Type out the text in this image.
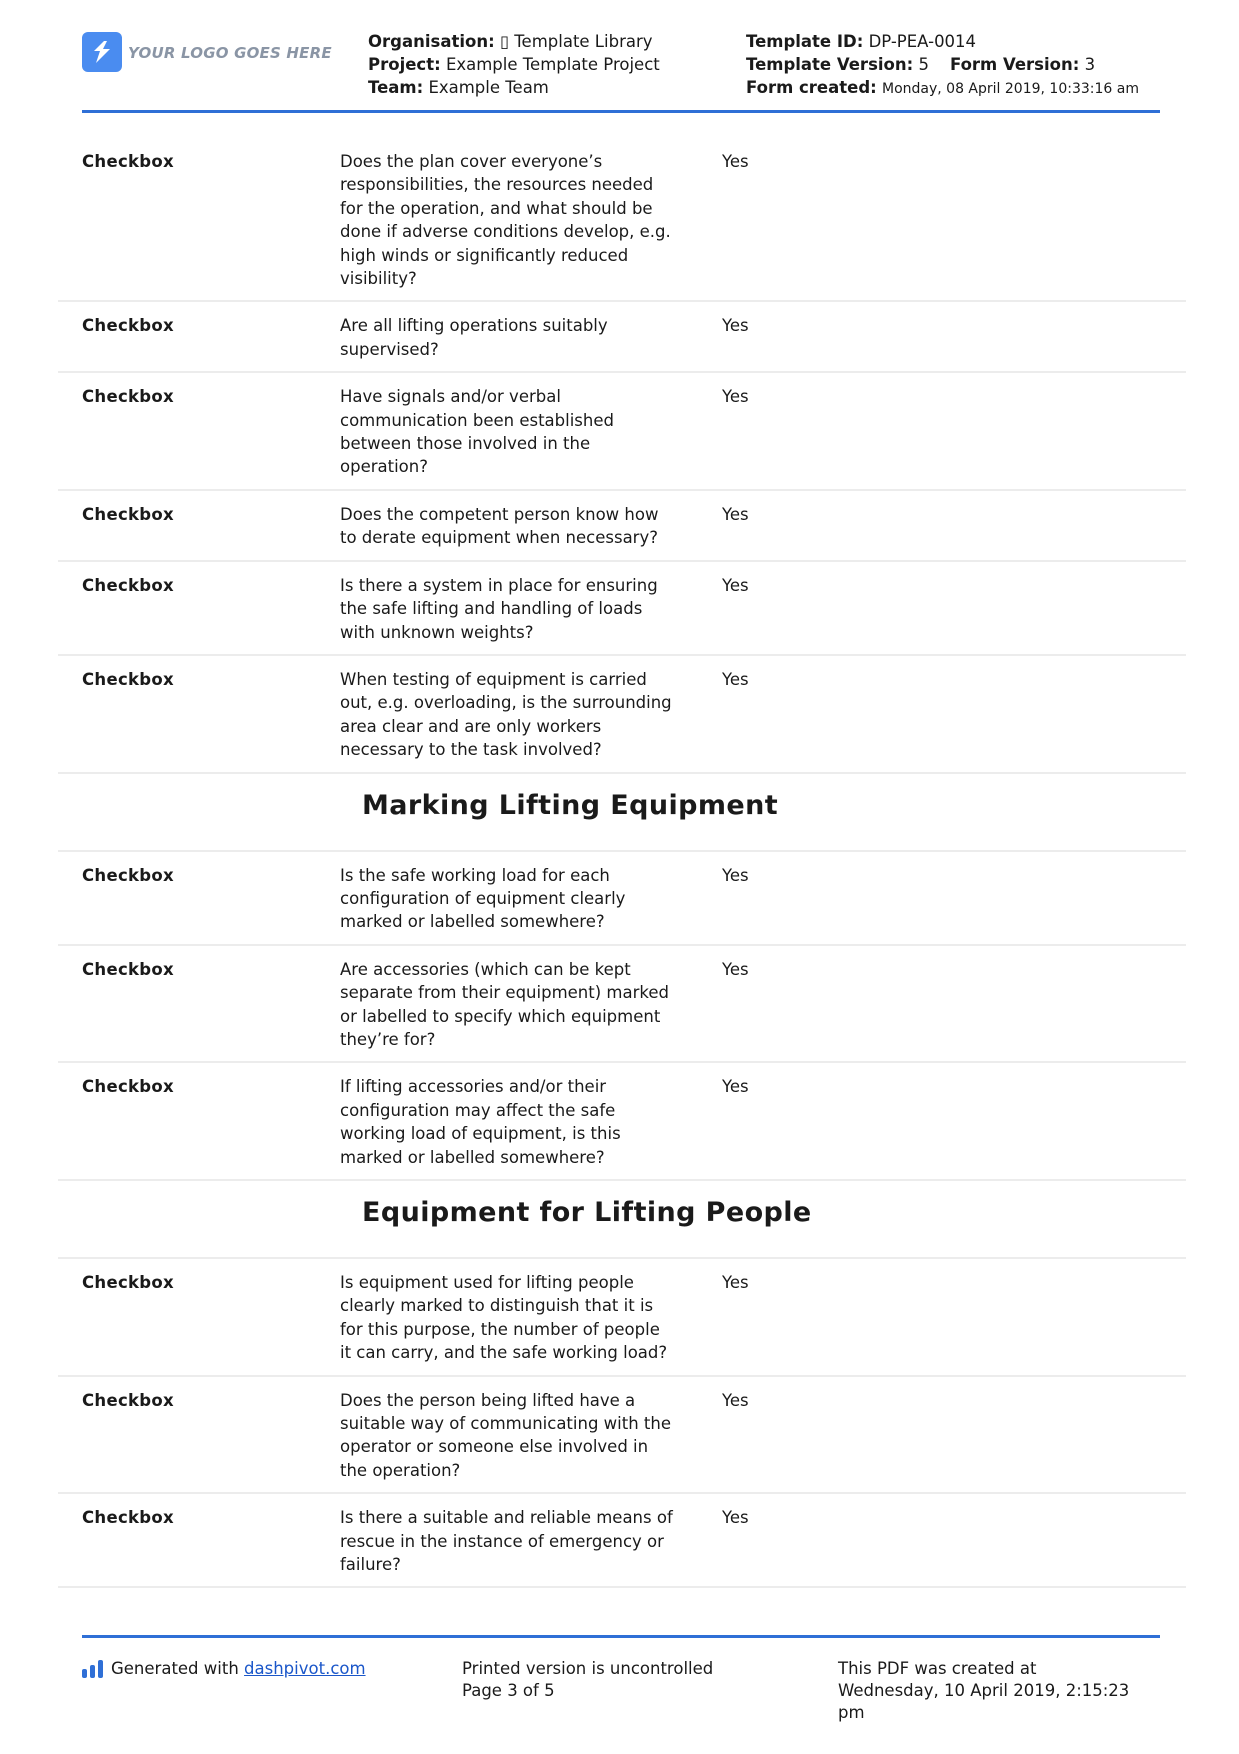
YOUR LOGO GOES HERE
Organisation: ▯ Template Library
Project: Example Template Project
Team: Example Team
Template ID: DP-PEA-0014
Template Version: 5 Form Version: 3
Form created: Monday, 08 April 2019, 10:33:16 am
Checkbox	Does the plan cover everyone’s responsibilities, the resources needed for the operation, and what should be done if adverse conditions develop, e.g. high winds or significantly reduced visibility?
Yes
Checkbox	Are all lifting operations suitably supervised?
Yes
Checkbox	Have signals and/or verbal communication been established between those involved in the operation?
Yes
Checkbox	Does the competent person know how to derate equipment when necessary?
Yes
Checkbox	Is there a system in place for ensuring the safe lifting and handling of loads with unknown weights?
Yes
Checkbox	When testing of equipment is carried out, e.g. overloading, is the surrounding area clear and are only workers necessary to the task involved?
Yes
Marking Lifting Equipment
Checkbox	Is the safe working load for each configuration of equipment clearly marked or labelled somewhere?
Yes
Checkbox	Are accessories (which can be kept separate from their equipment) marked or labelled to specify which equipment they’re for?
Yes
Checkbox	If lifting accessories and/or their configuration may affect the safe working load of equipment, is this marked or labelled somewhere?
Yes
Equipment for Lifting People
Checkbox	Is equipment used for lifting people clearly marked to distinguish that it is for this purpose, the number of people it can carry, and the safe working load?
Yes
Checkbox	Does the person being lifted have a suitable way of communicating with the operator or someone else involved in the operation?
Yes
Checkbox	Is there a suitable and reliable means of rescue in the instance of emergency or failure?
Yes
Generated with
dashpivot.com	Printed version is uncontrolled
Page 3 of 5
This PDF was created at Wednesday, 10 April 2019, 2:15:23 pm
